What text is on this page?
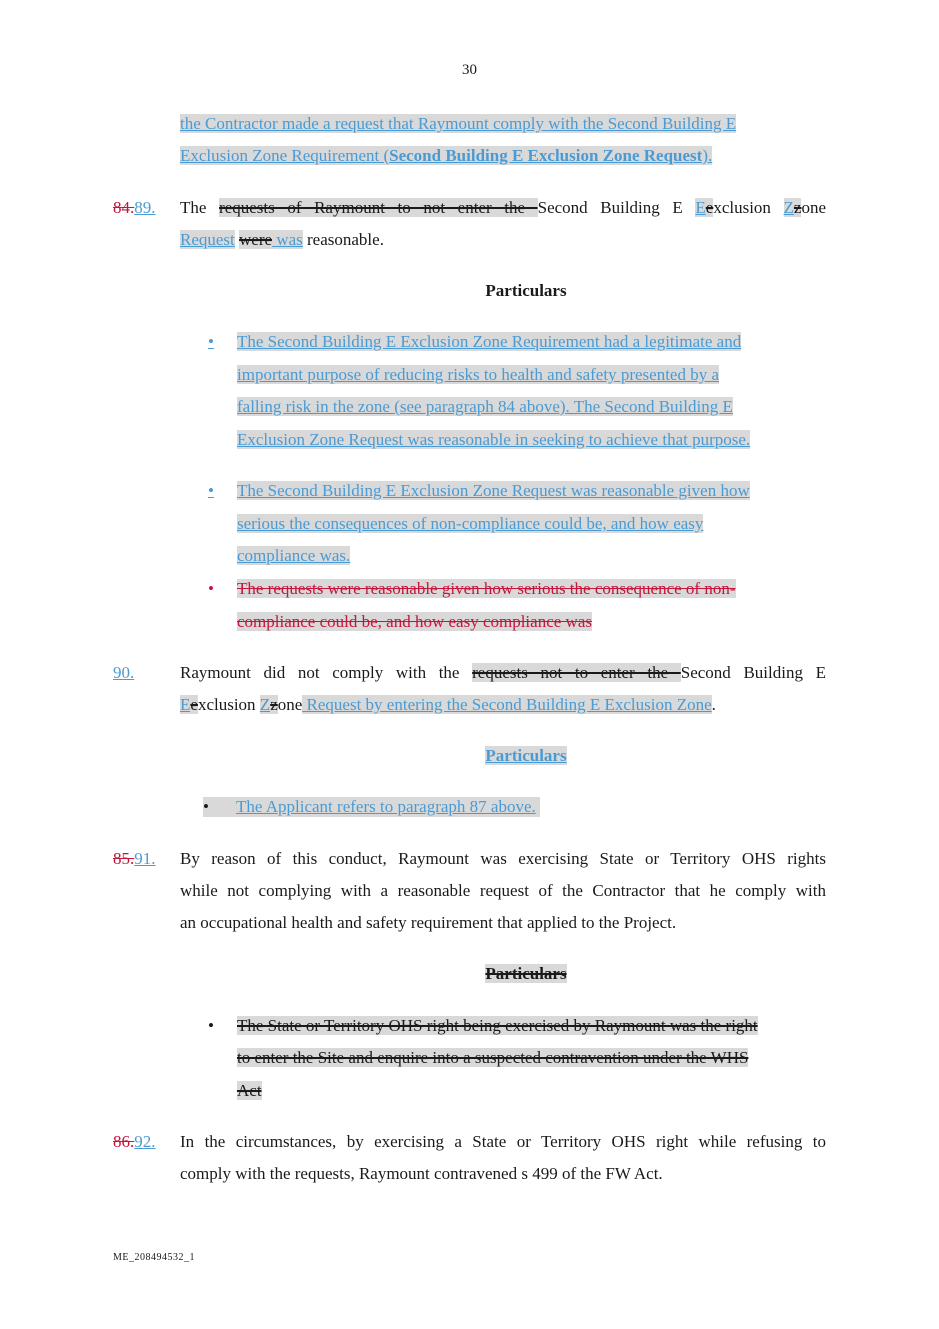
30
the Contractor made a request that Raymount comply with the Second Building E
Exclusion Zone Requirement (Second Building E Exclusion Zone Request).
84.89. The requests of Raymount to not enter the Second Building E Eexclusion Zzone
Request were was reasonable.
Particulars
• The Second Building E Exclusion Zone Requirement had a legitimate and
important purpose of reducing risks to health and safety presented by a
falling risk in the zone (see paragraph 84 above). The Second Building E
Exclusion Zone Request was reasonable in seeking to achieve that purpose.
• The Second Building E Exclusion Zone Request was reasonable given how
serious the consequences of non-compliance could be, and how easy
compliance was.
• The requests were reasonable given how serious the consequence of non-
compliance could be, and how easy compliance was
90.	Raymount did not comply with the requests not to enter the Second Building E
Eexclusion Zzone Request by entering the Second Building E Exclusion Zone.
Particulars
• The Applicant refers to paragraph 87 above.
85.91. By reason of this conduct, Raymount was exercising State or Territory OHS rights
while not complying with a reasonable request of the Contractor that he comply with
an occupational health and safety requirement that applied to the Project.
Particulars
• The State or Territory OHS right being exercised by Raymount was the right
to enter the Site and enquire into a suspected contravention under the WHS
Act
86.92. In the circumstances, by exercising a State or Territory OHS right while refusing to
comply with the requests, Raymount contravened s 499 of the FW Act.
ME_208494532_1
